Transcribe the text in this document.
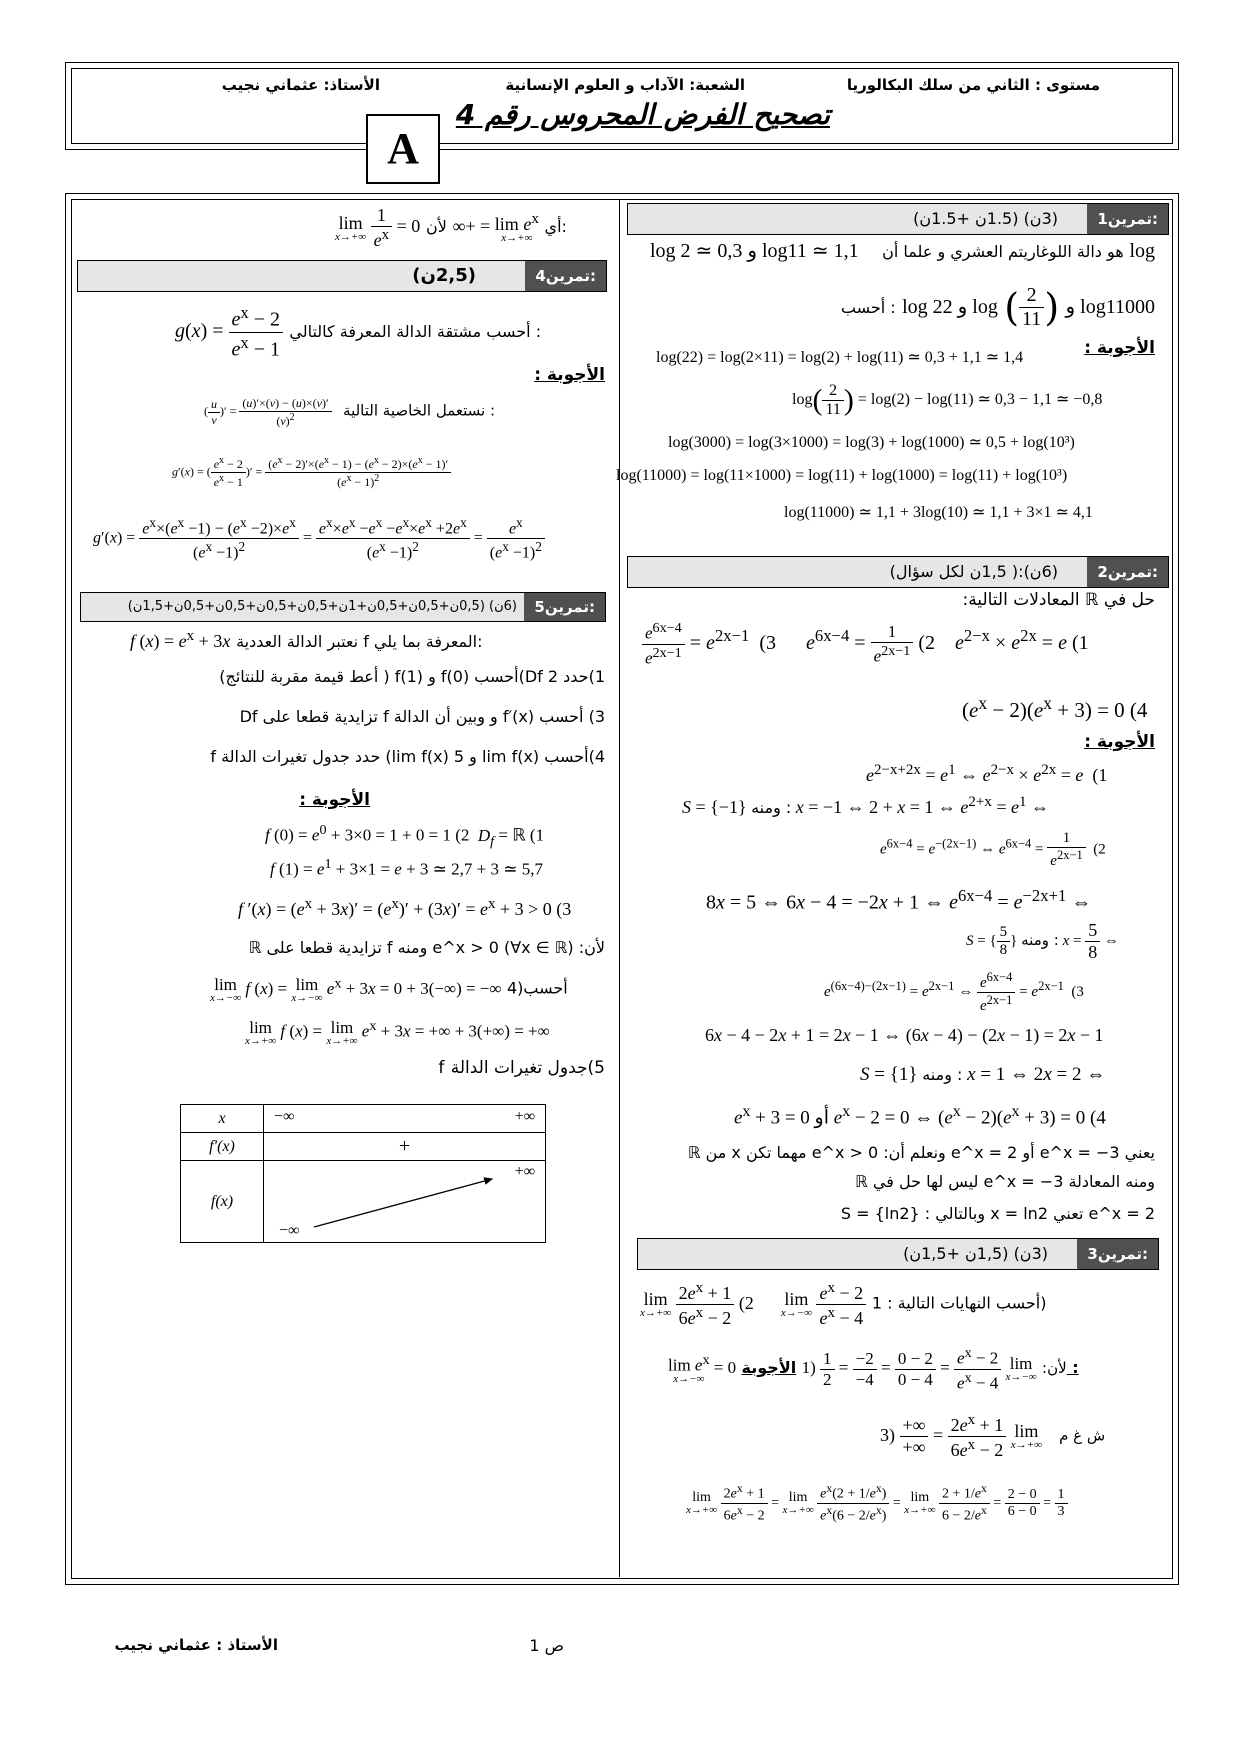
مستوى : الثاني من سلك البكالوريا
الشعبة: الآداب و العلوم الإنسانية
الأستاذ: عثماني نجيب
تصحيح الفرض المحروس رقم 4
A
تمرين1:
(3ن) (1.5ن +1.5ن)
هو دالة اللوغاريتم العشري و علما أن log
log 2 ≃ 0,3 و log11 ≃ 1,1
أحسب : log 22 و log ( $\frac{2}{11}$ ) و log11000
الأجوبة :
log(22) = log(2×11) = log(2) + log(11) ≃ 0,3 + 1,1 ≃ 1,4
$\log( \frac{2}{11}$ ) = log(2) − log(11) ≃ 0,3 − 1,1 ≃ −0,8
log(3000) = log(3×1000) = log(3) + log(1000) ≃ 0,5 + log(10³)
log(11000) = log(11×1000) = log(11) + log(1000) = log(11) + log(10³)
log(11000) ≃ 1,1 + 3log(10) ≃ 1,1 + 3×1 ≃ 4,1
تمرين2:
(6ن):( 1,5ن لكل سؤال)
حل في ℝ المعادلات التالية:
$\frac{e^{6x-4}}{e^{2x-1}} = e^{2x-1}$  (3      $e^{6x-4} = \frac{1}{e^{2x-1}} (2$    $e^{2-x} \times e^{2x} = e$ (1
$(e^x - 2)(e^x + 3) = 0$ (4
الأجوبة :
$e^{2-x+2x} = e^1$ ⇔ $e^{2-x} \times e^{2x} = e$  (1
S = {−1} ومنه : x = −1 ⇔ 2 + x = 1 ⇔ $e^{2+x} = e^1$ ⇔
$e^{6x-4} = e^{-(2x-1)}$ ⇔ $e^{6x-4} = \frac{1}{e^{2x-1}} (2$
8x = 5 ⇔ 6x − 4 = −2x + 1 ⇔ $e^{6x-4} = e^{-2x+1}$ ⇔
S = { $\frac{5}{8}$ } ومنه : $x = \frac{5}{8}$ ⇔
$e^{(6x-4)-(2x-1)} = e^{2x-1}$ ⇔ $\frac{e^{6x-4}}{e^{2x-1}} = e^{2x-1}$  (3
6x − 4 − 2x + 1 = 2x − 1 ⇔ (6x − 4) − (2x − 1) = 2x − 1
S = {1} ومنه : x = 1 ⇔ 2x = 2 ⇔
$e^x + 3 = 0$ أو $e^x - 2 = 0$ ⇔ $(e^x - 2)(e^x + 3) = 0$ (4
يعني e^x = −3 أو e^x = 2 ونعلم أن: e^x > 0 مهما تكن x من ℝ
ومنه المعادلة e^x = −3 ليس لها حل في ℝ
e^x = 2 تعني x = ln2 وبالتالي : S = {ln2}
تمرين3:
(3ن) (1,5ن +1,5ن)
lim
x→+∞
$\frac{2e^x + 1}{6e^x - 2} (2$      lim
x→−∞
$\frac{e^x - 2}{e^x - 4}$ أحسب النهايات التالية : 1)
$\lim e^x$
x→−∞
= 0	لأن: lim
x→−∞

$\frac{e^x - 2}{e^x - 4}$
=
$\frac{0 - 2}{0 - 4}$
=
$\frac{-2}{-4}$
=
$\frac{1}{2}$
(1 الأجوبة :
ش غ م   lim
x→+∞

$\frac{2e^x + 1}{6e^x - 2}$
=
$\frac{+\infty}{+\infty}$
(3
lim
x→+∞
$\frac{2e^x + 1}{6e^x - 2} = \lim$
x→+∞
$\frac{e^x(2 + 1/e^x)}{e^x(6 - 2/e^x)} = \lim$
x→+∞
$\frac{2 + 1/e^x}{6 - 2/e^x} = \frac{2 - 0}{6 - 0} = \frac{1}{3}$
lim
x→+∞
$\frac{1}{e^x} = 0$	أي $\lim e^x$
x→+∞
= +∞ لأن:
تمرين4:
(2,5ن)
$g(x) = \frac{e^x - 2}{e^x - 1}$ أحسب مشتقة الدالة المعرفة كالتالي :
الأجوبة :
( $\frac{u}{v}$ )′ = $\frac{(u)'\times(v) - (u)\times(v)'}{(v)^2}$ نستعمل الخاصية التالية :
g′(x) = ( $\frac{e^x - 2}{e^x - 1}$ )′ = $\frac{(e^x - 2)'\times(e^x - 1) - (e^x - 2)\times(e^x - 1)'}{(e^x - 1)^2}$
$g'(x) = \frac{e^x\times(e^x -1) - (e^x -2)\times e^x}{(e^x -1)^2} = \frac{e^x\times e^x -e^x -e^x\times e^x +2e^x}{(e^x -1)^2} = \frac{e^x}{(e^x -1)^2}$
تمرين5:
(6ن) (0,5ن+0,5ن+0,5ن+1ن+0,5ن+0,5ن+0,5ن+0,5ن+1,5ن)
f $(x) = e^x + 3x$ نعتبر الدالة العددية f المعرفة بما يلي:
1)حدد Df 2)أحسب f(0) و f(1) ( أعط قيمة مقربة للنتائج)
3) أحسب f′(x) و وبين أن الدالة f تزايدية قطعا على Df
4)أحسب lim f(x) و lim f(x) 5) حدد جدول تغيرات الدالة f
الأجوبة :
f $(0) = e^0 + 3\times 0 = 1 + 0 = 1$ (2  $D_f$ = ℝ (1
f $(1) = e^1 + 3\times 1 = e + 3$ ≃ 2,7 + 3 ≃ 5,7
f $'(x) = (e^x + 3x)' = (e^x)' + (3x)' = e^x + 3 > 0$ (3
لأن: e^x > 0 (∀x ∈ ℝ) ومنه f تزايدية قطعا على ℝ
lim
x→−∞
f (x) = lim
x→−∞
$e^x + 3x = 0 + 3(-\infty)$ = −∞ 4)أحسب
lim
x→+∞
f (x) = lim
x→+∞
$e^x + 3x$ = +∞ + 3(+∞) = +∞
5)جدول تغيرات الدالة f
x	−∞ +∞

f′(x)	+
f(x)	+∞
−∞
الأستاذ : عثماني نجيب	ص 1
